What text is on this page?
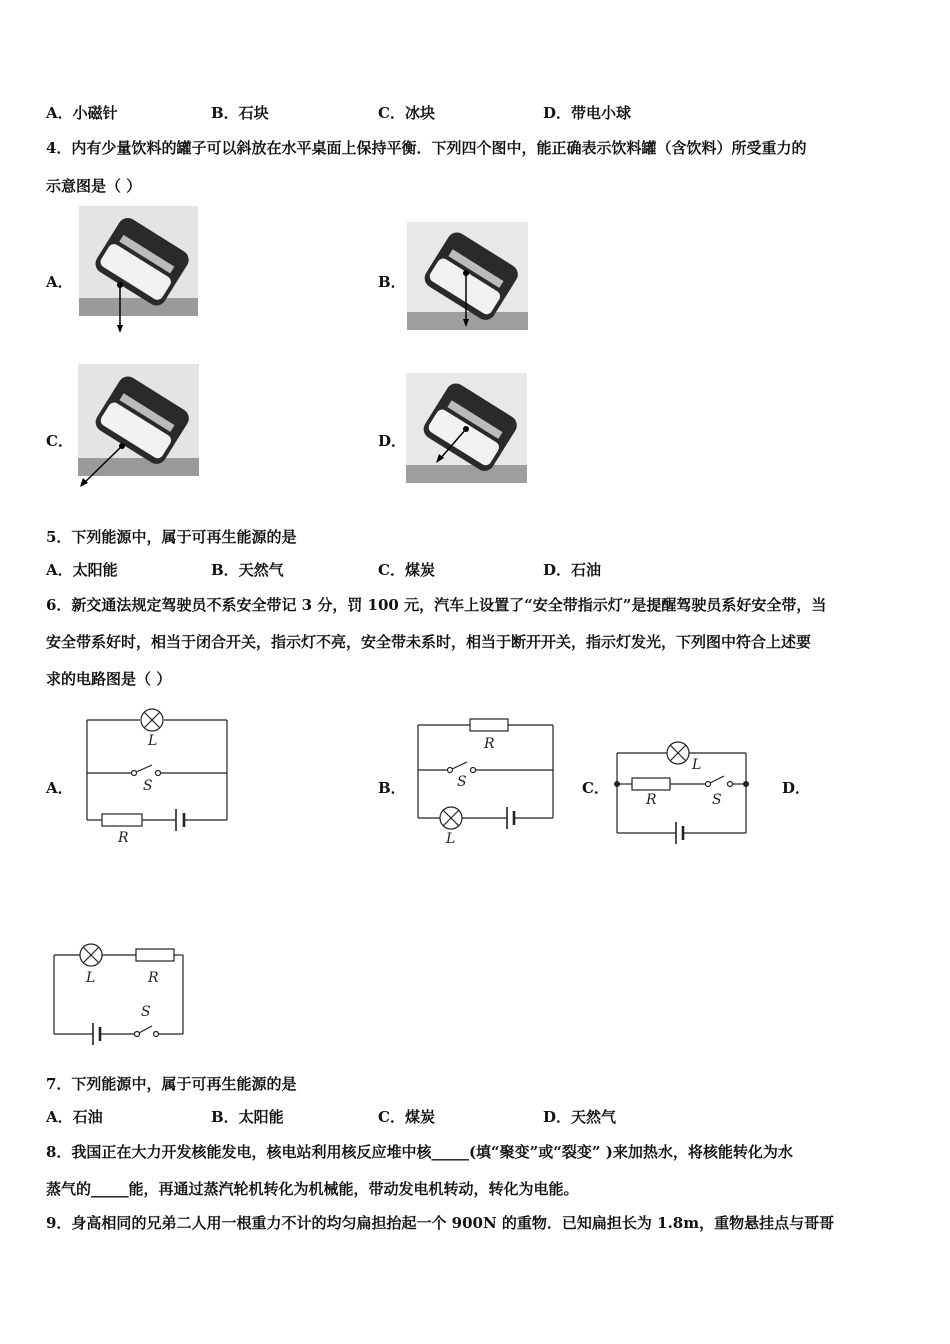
A．小磁针	B．石块	C．冰块	D．带电小球
4．内有少量饮料的罐子可以斜放在水平桌面上保持平衡．下列四个图中，能正确表示饮料罐（含饮料）所受重力的
示意图是（ ）
A．	B．
C．	D．
5．下列能源中，属于可再生能源的是
A．太阳能	B．天然气	C．煤炭	D．石油
6．新交通法规定驾驶员不系安全带记 3 分，罚 100 元，汽车上设置了“安全带指示灯”是提醒驾驶员系好安全带，当
安全带系好时，相当于闭合开关，指示灯不亮，安全带未系时，相当于断开开关，指示灯发光，下列图中符合上述要
求的电路图是（ ）
A．	B．	C．	D．
L
S
R
R
S
L
L
R	S
L	R
S
7．下列能源中，属于可再生能源的是
A．石油	B．太阳能	C．煤炭	D．天然气
8．我国正在大力开发核能发电，核电站利用核反应堆中核_____(填“聚变”或“裂变” )来加热水，将核能转化为水
蒸气的_____能，再通过蒸汽轮机转化为机械能，带动发电机转动，转化为电能。
9．身高相同的兄弟二人用一根重力不计的均匀扁担抬起一个 900N 的重物．已知扁担长为 1.8m，重物悬挂点与哥哥
